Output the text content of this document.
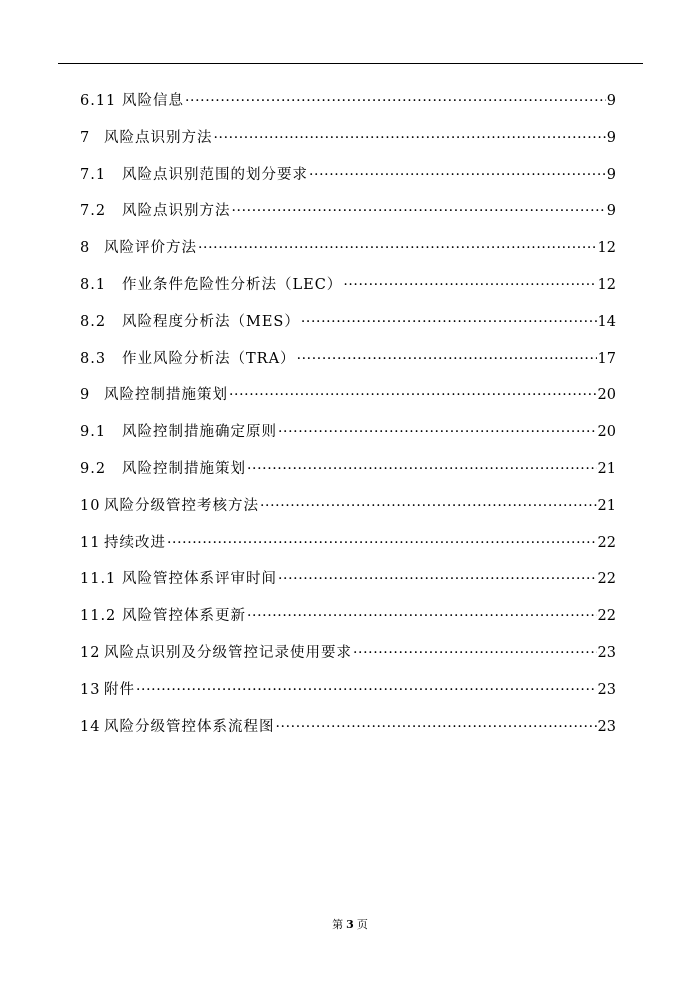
6.11 风险信息 ·····	9
7 风险点识别方法 ·····	9
7.1	风险点识别范围的划分要求 ·····	9
7.2	风险点识别方法 ·····	9
8 风险评价方法 ·····	12
8.1	作业条件危险性分析法（LEC） ·····	12
8.2	风险程度分析法（MES） ·····	14
8.3	作业风险分析法（TRA） ·····	17
9 风险控制措施策划 ·····	20
9.1	风险控制措施确定原则 ·····	20
9.2	风险控制措施策划 ·····	21
10 风险分级管控考核方法 ·····	21
11 持续改进 ·····	22
11.1 风险管控体系评审时间 ·····	22
11.2 风险管控体系更新 ·····	22
12 风险点识别及分级管控记录使用要求 ·····	23
13 附件 ·····	23
14 风险分级管控体系流程图 ·····	23
第 3 页
